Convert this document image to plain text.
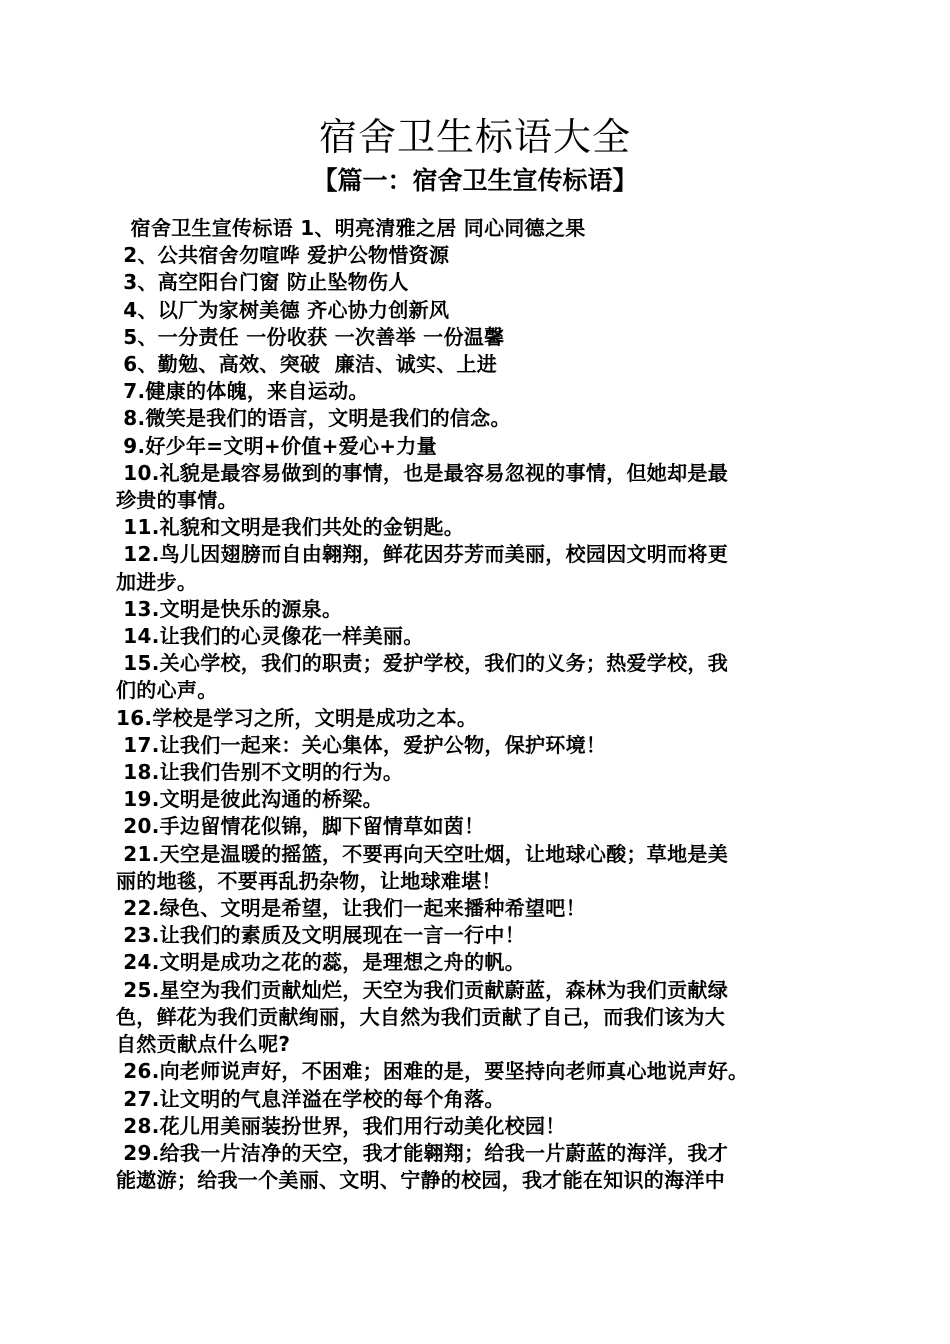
宿舍卫生标语大全
【篇一：宿舍卫生宣传标语】
宿舍卫生宣传标语 1、明亮清雅之居 同心同德之果
2、公共宿舍勿喧哗 爱护公物惜资源
3、高空阳台门窗 防止坠物伤人
4、以厂为家树美德 齐心协力创新风
5、一分责任 一份收获 一次善举 一份温馨
6、勤勉、高效、突破  廉洁、诚实、上进
7.健康的体魄，来自运动。
8.微笑是我们的语言，文明是我们的信念。
9.好少年=文明+价值+爱心+力量
10.礼貌是最容易做到的事情，也是最容易忽视的事情，但她却是最
珍贵的事情。
11.礼貌和文明是我们共处的金钥匙。
12.鸟儿因翅膀而自由翱翔，鲜花因芬芳而美丽，校园因文明而将更
加进步。
13.文明是快乐的源泉。
14.让我们的心灵像花一样美丽。
15.关心学校，我们的职责；爱护学校，我们的义务；热爱学校，我
们的心声。
16.学校是学习之所，文明是成功之本。
17.让我们一起来：关心集体，爱护公物，保护环境！
18.让我们告别不文明的行为。
19.文明是彼此沟通的桥梁。
20.手边留情花似锦，脚下留情草如茵！
21.天空是温暖的摇篮，不要再向天空吐烟，让地球心酸；草地是美
丽的地毯，不要再乱扔杂物，让地球难堪！
22.绿色、文明是希望，让我们一起来播种希望吧！
23.让我们的素质及文明展现在一言一行中！
24.文明是成功之花的蕊，是理想之舟的帆。
25.星空为我们贡献灿烂，天空为我们贡献蔚蓝，森林为我们贡献绿
色，鲜花为我们贡献绚丽，大自然为我们贡献了自己，而我们该为大
自然贡献点什么呢?
26.向老师说声好，不困难；困难的是，要坚持向老师真心地说声好。
27.让文明的气息洋溢在学校的每个角落。
28.花儿用美丽装扮世界，我们用行动美化校园！
29.给我一片洁净的天空，我才能翱翔；给我一片蔚蓝的海洋，我才
能遨游；给我一个美丽、文明、宁静的校园，我才能在知识的海洋中
